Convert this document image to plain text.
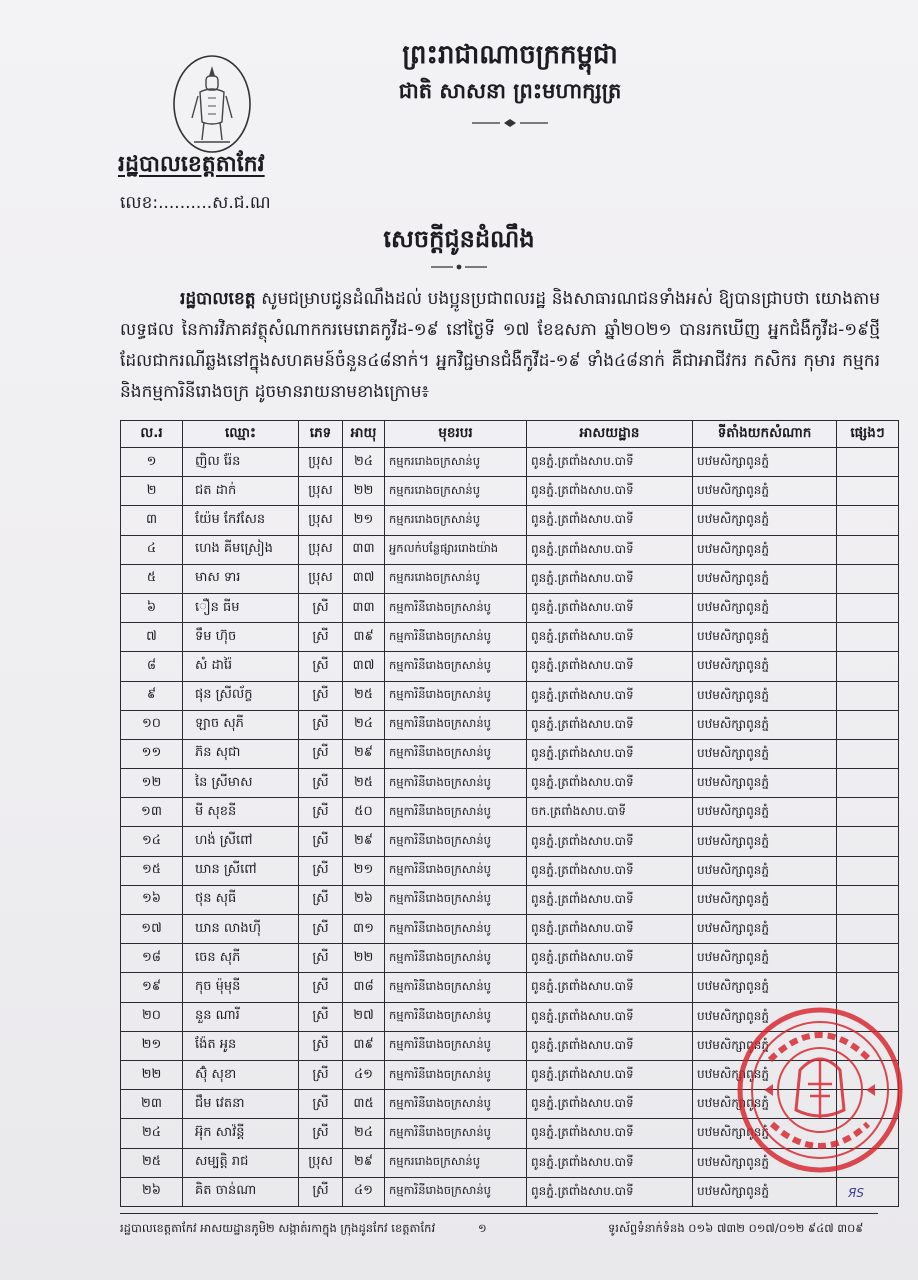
ព្រះរាជាណាចក្រកម្ពុជា
ជាតិ សាសនា ព្រះមហាក្សត្រ
រដ្ឋបាលខេត្តតាកែវ
លេខ:..........ស.ជ.ណ
សេចក្តីជូនដំណឹង
រដ្ឋបាលខេត្ត សូមជម្រាបជូនដំណឹងដល់ បងប្អូនប្រជាពលរដ្ឋ និងសាធារណជនទាំងអស់ ឱ្យបានជ្រាបថា យោងតាមលទ្ធផល នៃការវិភាគវត្ថុសំណាកករមេរោគកូវីដ-១៩ នៅថ្ងៃទី ១៧ ខែឧសភា ឆ្នាំ២០២១ បានរកឃើញ អ្នកជំងឺកូវីដ-១៩ថ្មី ដែលជាករណីឆ្លងនៅក្នុងសហគមន៍ចំនួន៤៨នាក់។ អ្នកវិជ្ជមានជំងឺកូវីដ-១៩ ទាំង៤៨នាក់ គឺជាអាជីវករ កសិករ កុមារ កម្មករ និងកម្មការិនីរោងចក្រ ដូចមានរាយនាមខាងក្រោម៖
ល.រ	ឈ្មោះ	ភេទ	អាយុ	មុខរបរ	អាសយដ្ឋាន	ទីតាំងយកសំណាក	ផ្សេងៗ
១	ញិល រ៉ែន	ប្រុស	២៤	កម្មកររោងចក្រសាន់បូ	ពូនភ្នំ.ត្រពាំងសាប.បាទី	បឋមសិក្សាពូនភ្នំ	
២	ជត ដាក់	ប្រុស	២២	កម្មកររោងចក្រសាន់បូ	ពូនភ្នំ.ត្រពាំងសាប.បាទី	បឋមសិក្សាពូនភ្នំ	
៣	យ៉ែម កែវសែន	ប្រុស	២១	កម្មកររោងចក្រសាន់បូ	ពូនភ្នំ.ត្រពាំងសាប.បាទី	បឋមសិក្សាពូនភ្នំ	
៤	ហេង គីមស្រៀង	ប្រុស	៣៣	អ្នកលក់បន្លែផ្សាររោងយ៉ាង	ពូនភ្នំ.ត្រពាំងសាប.បាទី	បឋមសិក្សាពូនភ្នំ	
៥	មាស ទារ	ប្រុស	៣៧	កម្មកររោងចក្រសាន់បូ	ពូនភ្នំ.ត្រពាំងសាប.បាទី	បឋមសិក្សាពូនភ្នំ	
៦	ឿន ធីម	ស្រី	៣៣	កម្មការិនីរោងចក្រសាន់បូ	ពូនភ្នំ.ត្រពាំងសាប.បាទី	បឋមសិក្សាពូនភ្នំ	
៧	ទឹម ហ៊ុច	ស្រី	៣៩	កម្មការិនីរោងចក្រសាន់បូ	ពូនភ្នំ.ត្រពាំងសាប.បាទី	បឋមសិក្សាពូនភ្នំ	
៨	សំ ដារ៉ៃ	ស្រី	៣៧	កម្មការិនីរោងចក្រសាន់បូ	ពូនភ្នំ.ត្រពាំងសាប.បាទី	បឋមសិក្សាពូនភ្នំ	
៩	ផុន ស្រីល័ក្ខ	ស្រី	២៥	កម្មការិនីរោងចក្រសាន់បូ	ពូនភ្នំ.ត្រពាំងសាប.បាទី	បឋមសិក្សាពូនភ្នំ	
១០	ឡាច សុភី	ស្រី	២៤	កម្មការិនីរោងចក្រសាន់បូ	ពូនភ្នំ.ត្រពាំងសាប.បាទី	បឋមសិក្សាពូនភ្នំ	
១១	ភ៊ន សុជា	ស្រី	២៩	កម្មការិនីរោងចក្រសាន់បូ	ពូនភ្នំ.ត្រពាំងសាប.បាទី	បឋមសិក្សាពូនភ្នំ	
១២	នៃ ស្រីមាស	ស្រី	២៥	កម្មការិនីរោងចក្រសាន់បូ	ពូនភ្នំ.ត្រពាំងសាប.បាទី	បឋមសិក្សាពូនភ្នំ	
១៣	មី សុខនី	ស្រី	៥០	កម្មការិនីរោងចក្រសាន់បូ	ចក.ត្រពាំងសាប.បាទី	បឋមសិក្សាពូនភ្នំ	
១៤	ហង់ ស្រីពៅ	ស្រី	២៩	កម្មការិនីរោងចក្រសាន់បូ	ពូនភ្នំ.ត្រពាំងសាប.បាទី	បឋមសិក្សាពូនភ្នំ	
១៥	ឃាន ស្រីពៅ	ស្រី	២១	កម្មការិនីរោងចក្រសាន់បូ	ពូនភ្នំ.ត្រពាំងសាប.បាទី	បឋមសិក្សាពូនភ្នំ	
១៦	ថុន សុធី	ស្រី	២៦	កម្មការិនីរោងចក្រសាន់បូ	ពូនភ្នំ.ត្រពាំងសាប.បាទី	បឋមសិក្សាពូនភ្នំ	
១៧	ឃាន លាងហ៊ី	ស្រី	៣១	កម្មការិនីរោងចក្រសាន់បូ	ពូនភ្នំ.ត្រពាំងសាប.បាទី	បឋមសិក្សាពូនភ្នំ	
១៨	ចេន សុភី	ស្រី	២២	កម្មការិនីរោងចក្រសាន់បូ	ពូនភ្នំ.ត្រពាំងសាប.បាទី	បឋមសិក្សាពូនភ្នំ	
១៩	កុច ម៉ុមុនី	ស្រី	៣៨	កម្មការិនីរោងចក្រសាន់បូ	ពូនភ្នំ.ត្រពាំងសាប.បាទី	បឋមសិក្សាពូនភ្នំ	
២០	នួន ណារី	ស្រី	២៧	កម្មការិនីរោងចក្រសាន់បូ	ពូនភ្នំ.ត្រពាំងសាប.បាទី	បឋមសិក្សាពូនភ្នំ	
២១	ង៉ែត អូន	ស្រី	៣៩	កម្មការិនីរោងចក្រសាន់បូ	ពូនភ្នំ.ត្រពាំងសាប.បាទី	បឋមសិក្សាពូនភ្នំ	
២២	ស៊ុំ សុខា	ស្រី	៤១	កម្មការិនីរោងចក្រសាន់បូ	ពូនភ្នំ.ត្រពាំងសាប.បាទី	បឋមសិក្សាពូនភ្នំ	
២៣	ជឹម វេតនា	ស្រី	៣៥	កម្មការិនីរោងចក្រសាន់បូ	ពូនភ្នំ.ត្រពាំងសាប.បាទី	បឋមសិក្សាពូនភ្នំ	
២៤	អ៊ុក សាវ៉ន្តី	ស្រី	២៤	កម្មការិនីរោងចក្រសាន់បូ	ពូនភ្នំ.ត្រពាំងសាប.បាទី	បឋមសិក្សាពូនភ្នំ	
២៥	សម្បត្តិ រាជ	ប្រុស	២៩	កម្មកររោងចក្រសាន់បូ	ពូនភ្នំ.ត្រពាំងសាប.បាទី	បឋមសិក្សាពូនភ្នំ	
២៦	គិត ចាន់ណា	ស្រី	៤១	កម្មការិនីរោងចក្រសាន់បូ	ពូនភ្នំ.ត្រពាំងសាប.បាទី	បឋមសិក្សាពូនភ្នំ	
រដ្ឋបាលខេត្តតាកែវ អាសយដ្ឋានភូមិ២ សង្កាត់រកាក្នុង ក្រុងដូនកែវ ខេត្តតាកែវ	១	ទូរស័ព្ទទំនាក់ទំនង ០១៦ ៧៣២ ០១៧/០១២ ៩៤៧ ៣០៩
ЯS
